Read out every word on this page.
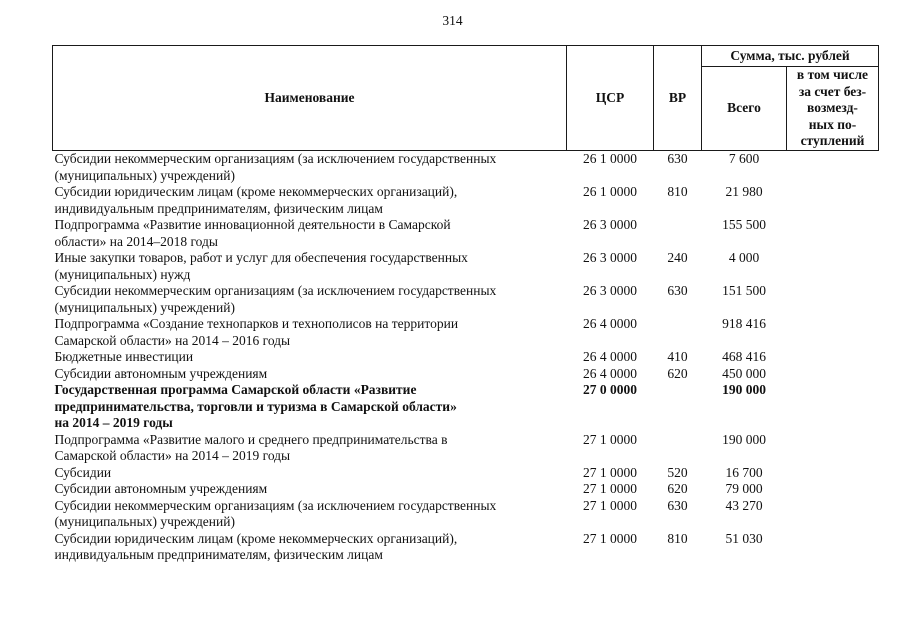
314
Наименование	ЦСР	ВР	Сумма, тыс. рублей	
			Всего	в том числе
за счет без-
возмезд-
ных по-
ступлений

Субсидии некоммерческим организациям (за исключением государственных
(муниципальных) учреждений)	26 1 0000	630	7 600	

Субсидии юридическим лицам (кроме некоммерческих организаций),
индивидуальным предпринимателям, физическим лицам	26 1 0000	810	21 980	

Подпрограмма «Развитие инновационной деятельности в Самарской
области» на 2014–2018 годы	26 3 0000		155 500	

Иные закупки товаров, работ и услуг для обеспечения государственных
(муниципальных) нужд	26 3 0000	240	4 000	

Субсидии некоммерческим организациям (за исключением государственных
(муниципальных) учреждений)	26 3 0000	630	151 500	

Подпрограмма «Создание технопарков и технополисов на территории
Самарской области» на 2014 – 2016 годы	26 4 0000		918 416	

Бюджетные инвестиции	26 4 0000	410	468 416	

Субсидии автономным учреждениям	26 4 0000	620	450 000	

Государственная программа Самарской области «Развитие
предпринимательства, торговли и туризма в Самарской области»
на 2014 – 2019 годы	27 0 0000		190 000	

Подпрограмма «Развитие малого и среднего предпринимательства в
Самарской области» на 2014 – 2019 годы	27 1 0000		190 000	

Субсидии	27 1 0000	520	16 700	

Субсидии автономным учреждениям	27 1 0000	620	79 000	

Субсидии некоммерческим организациям (за исключением государственных
(муниципальных) учреждений)	27 1 0000	630	43 270	

Субсидии юридическим лицам (кроме некоммерческих организаций),
индивидуальным предпринимателям, физическим лицам	27 1 0000	810	51 030	
